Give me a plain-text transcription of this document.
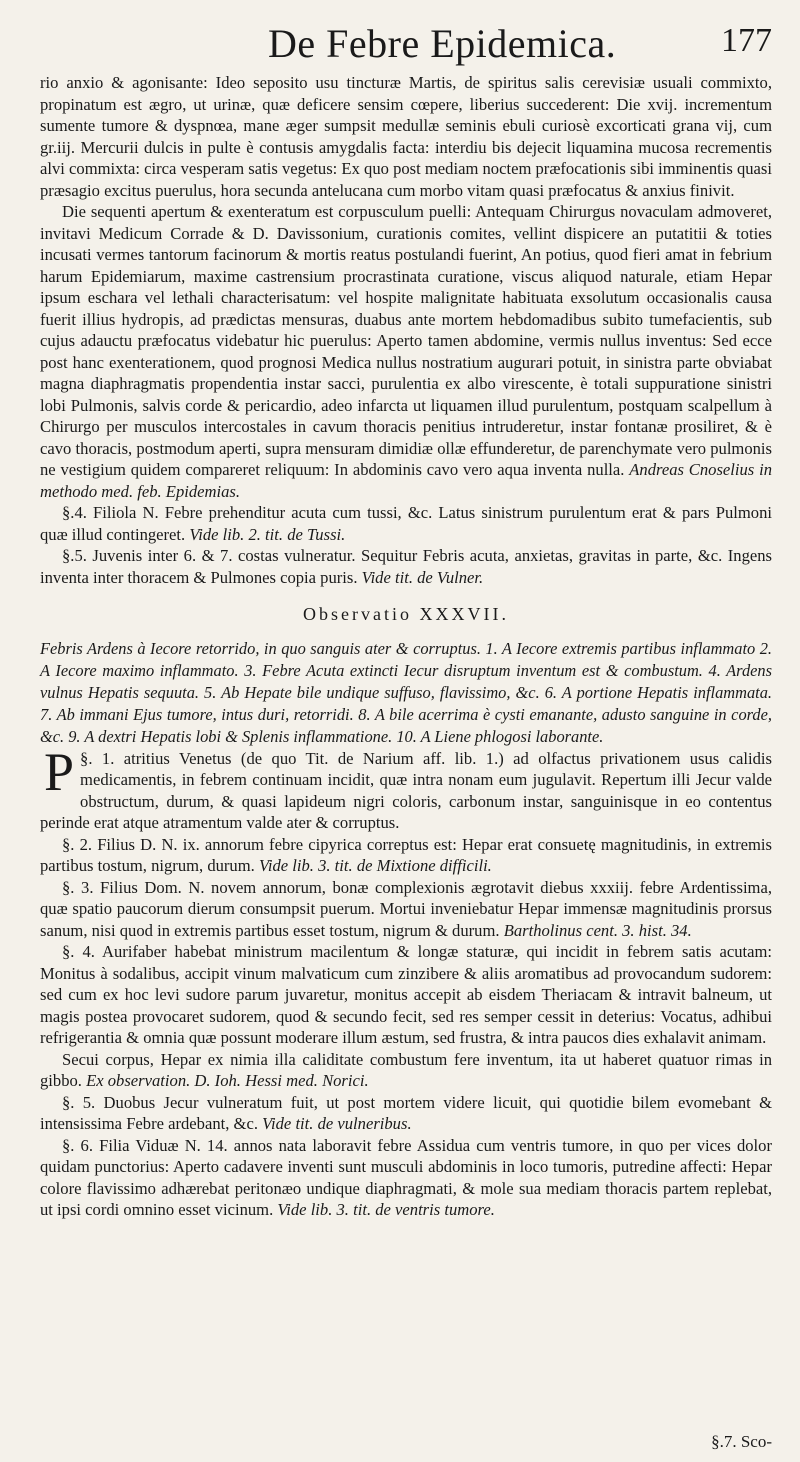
De Febre Epidemica.	177

rio anxio & agonisante: Ideo seposito usu tincturæ Martis, de spiritus salis cerevisiæ usuali commixto, propinatum est ægro, ut urinæ, quæ deficere sensim cœpere, liberius succederent: Die xvij. incrementum sumente tumore & dyspnœa, mane æger sumpsit medullæ seminis ebuli curiosè excorticati grana vij, cum gr.iij. Mercurii dulcis in pulte è contusis amygdalis facta: interdiu bis dejecit liquamina mucosa recrementis alvi commixta: circa vesperam satis vegetus: Ex quo post mediam noctem præfocationis sibi imminentis quasi præsagio excitus puerulus, hora secunda antelucana cum morbo vitam quasi præfocatus & anxius finivit.

Die sequenti apertum & exenteratum est corpusculum puelli: Antequam Chirurgus novaculam admoveret, invitavi Medicum Corrade & D. Davissonium, curationis comites, vellint dispicere an putatitii & toties incusati vermes tantorum facinorum & mortis reatus postulandi fuerint, An potius, quod fieri amat in febrium harum Epidemiarum, maxime castrensium procrastinata curatione, viscus aliquod naturale, etiam Hepar ipsum eschara vel lethali characterisatum: vel hospite malignitate habituata exsolutum occasionalis causa fuerit illius hydropis, ad prædictas mensuras, duabus ante mortem hebdomadibus subito tumefacientis, sub cujus adauctu præfocatus videbatur hic puerulus: Aperto tamen abdomine, vermis nullus inventus: Sed ecce post hanc exenterationem, quod prognosi Medica nullus nostratium augurari potuit, in sinistra parte obviabat magna diaphragmatis propendentia instar sacci, purulentia ex albo virescente, è totali suppuratione sinistri lobi Pulmonis, salvis corde & pericardio, adeo infarcta ut liquamen illud purulentum, postquam scalpellum à Chirurgo per musculos intercostales in cavum thoracis penitius intruderetur, instar fontanæ prosiliret, & è cavo thoracis, postmodum aperti, supra mensuram dimidiæ ollæ effunderetur, de parenchymate vero pulmonis ne vestigium quidem compareret reliquum: In abdominis cavo vero aqua inventa nulla. Andreas Cnoselius in methodo med. feb. Epidemias.

§.4. Filiola N. Febre prehenditur acuta cum tussi, &c. Latus sinistrum purulentum erat & pars Pulmoni quæ illud contingeret. Vide lib. 2. tit. de Tussi.

§.5. Juvenis inter 6. & 7. costas vulneratur. Sequitur Febris acuta, anxietas, gravitas in parte, &c. Ingens inventa inter thoracem & Pulmones copia puris. Vide tit. de Vulner.

Observatio XXXVII.

Febris Ardens à Iecore retorrido, in quo sanguis ater & corruptus. 1. A Iecore extremis partibus inflammato 2. A Iecore maximo inflammato. 3. Febre Acuta extincti Iecur disruptum inventum est & combustum. 4. Ardens vulnus Hepatis sequuta. 5. Ab Hepate bile undique suffuso, flavissimo, &c. 6. A portione Hepatis inflammata. 7. Ab immani Ejus tumore, intus duri, retorridi. 8. A bile acerrima è cysti emanante, adusto sanguine in corde, &c. 9. A dextri Hepatis lobi & Splenis inflammatione. 10. A Liene phlogosi laborante.

§. 1.
P	atritius Venetus (de quo Tit. de Narium aff. lib. 1.) ad olfactus privationem usus calidis medicamentis, in febrem continuam incidit, quæ intra nonam eum jugulavit. Repertum illi Jecur valde obstructum, durum, & quasi lapideum nigri coloris, carbonum instar, sanguinisque in eo contentus perinde erat atque atramentum valde ater & corruptus.

§. 2. Filius D. N. ix. annorum febre cipyrica correptus est: Hepar erat consuetę magnitudinis, in extremis partibus tostum, nigrum, durum. Vide lib. 3. tit. de Mixtione difficili.

§. 3. Filius Dom. N. novem annorum, bonæ complexionis ægrotavit diebus xxxiij. febre Ardentissima, quæ spatio paucorum dierum consumpsit puerum. Mortui inveniebatur Hepar immensæ magnitudinis prorsus sanum, nisi quod in extremis partibus esset tostum, nigrum & durum. Bartholinus cent. 3. hist. 34.

§. 4. Aurifaber habebat ministrum macilentum & longæ staturæ, qui incidit in febrem satis acutam: Monitus à sodalibus, accipit vinum malvaticum cum zinzibere & aliis aromatibus ad provocandum sudorem: sed cum ex hoc levi sudore parum juvaretur, monitus accepit ab eisdem Theriacam & intravit balneum, ut magis postea provocaret sudorem, quod & secundo fecit, sed res semper cessit in deterius: Vocatus, adhibui refrigerantia & omnia quæ possunt moderare illum æstum, sed frustra, & intra paucos dies exhalavit animam.

Secui corpus, Hepar ex nimia illa caliditate combustum fere inventum, ita ut haberet quatuor rimas in gibbo. Ex observation. D. Ioh. Hessi med. Norici.

§. 5. Duobus Jecur vulneratum fuit, ut post mortem videre licuit, qui quotidie bilem evomebant & intensissima Febre ardebant, &c. Vide tit. de vulneribus.

§. 6. Filia Viduæ N. 14. annos nata laboravit febre Assidua cum ventris tumore, in quo per vices dolor quidam punctorius: Aperto cadavere inventi sunt musculi abdominis in loco tumoris, putredine affecti: Hepar colore flavissimo adhærebat peritonæo undique diaphragmati, & mole sua mediam thoracis partem replebat, ut ipsi cordi omnino esset vicinum. Vide lib. 3. tit. de ventris tumore.

§.7. Sco-
